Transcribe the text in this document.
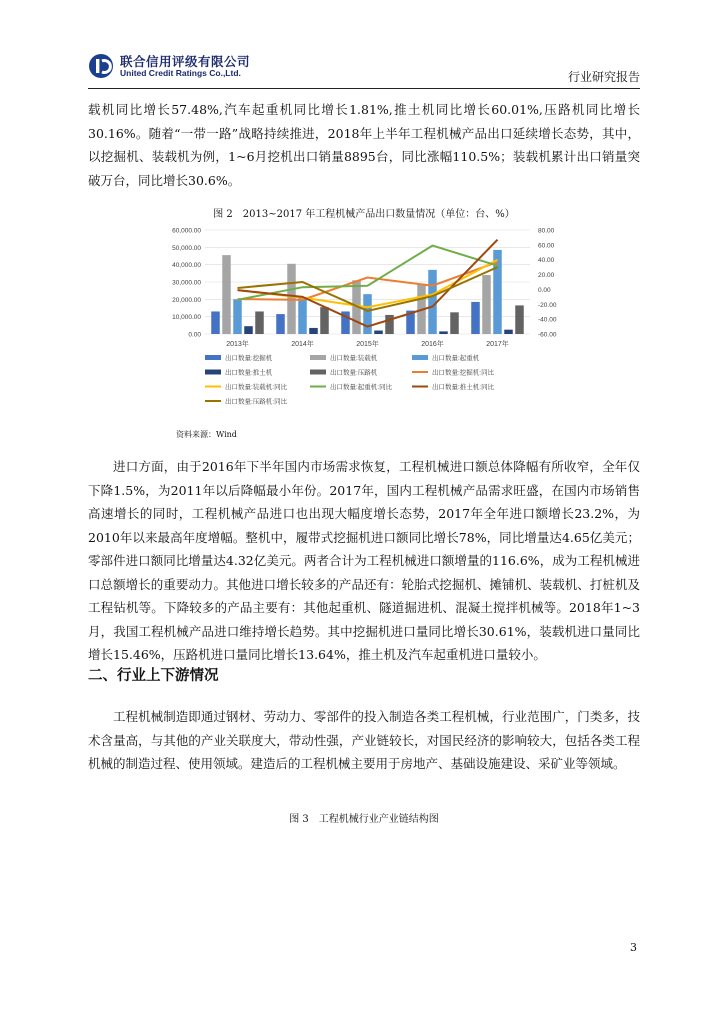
联合信用评级有限公司
United Credit Ratings Co.,Ltd.	行业研究报告

载机同比增长57.48%,汽车起重机同比增长1.81%,推土机同比增长60.01%,压路机同比增长30.16%。随着“一带一路”战略持续推进，2018年上半年工程机械产品出口延续增长态势，其中，以挖掘机、装载机为例，1~6月挖机出口销量8895台，同比涨幅110.5%；装载机累计出口销量突破万台，同比增长30.6%。

图 2　2013~2017 年工程机械产品出口数量情况（单位：台、%）
0.00
10,000.00
20,000.00
30,000.00
40,000.00
50,000.00
60,000.00
-60.00
-40.00
-20.00
0.00
20.00
40.00
60.00
80.00
2013年	2014年	2015年	2016年	2017年
出口数量:挖掘机	出口数量:装载机	出口数量:起重机
出口数量:推土机	出口数量:压路机	出口数量:挖掘机:同比
出口数量:装载机:同比	出口数量:起重机:同比	出口数量:推土机:同比
出口数量:压路机:同比
资料来源：Wind

进口方面，由于2016年下半年国内市场需求恢复，工程机械进口额总体降幅有所收窄，全年仅下降1.5%，为2011年以后降幅最小年份。2017年，国内工程机械产品需求旺盛，在国内市场销售高速增长的同时，工程机械产品进口也出现大幅度增长态势，2017年全年进口额增长23.2%，为2010年以来最高年度增幅。整机中，履带式挖掘机进口额同比增长78%，同比增量达4.65亿美元；零部件进口额同比增量达4.32亿美元。两者合计为工程机械进口额增量的116.6%，成为工程机械进口总额增长的重要动力。其他进口增长较多的产品还有：轮胎式挖掘机、摊铺机、装载机、打桩机及工程钻机等。下降较多的产品主要有：其他起重机、隧道掘进机、混凝土搅拌机械等。2018年1~3月，我国工程机械产品进口维持增长趋势。其中挖掘机进口量同比增长30.61%，装载机进口量同比增长15.46%，压路机进口量同比增长13.64%，推土机及汽车起重机进口量较小。

二、行业上下游情况

工程机械制造即通过钢材、劳动力、零部件的投入制造各类工程机械，行业范围广，门类多，技术含量高，与其他的产业关联度大，带动性强，产业链较长，对国民经济的影响较大，包括各类工程机械的制造过程、使用领域。建造后的工程机械主要用于房地产、基础设施建设、采矿业等领域。

图 3　工程机械行业产业链结构图
3
